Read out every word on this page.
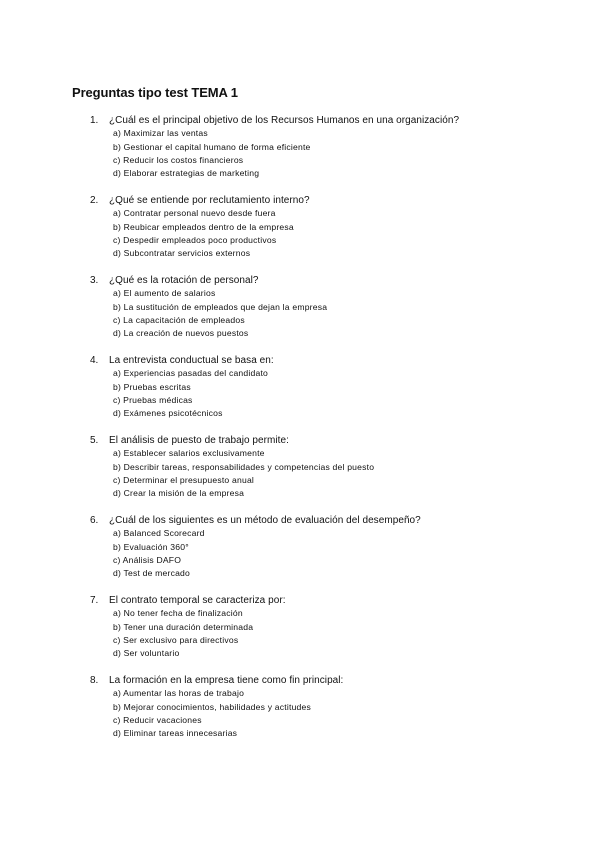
Preguntas tipo test TEMA 1
1. ¿Cuál es el principal objetivo de los Recursos Humanos en una organización?
a) Maximizar las ventas
b) Gestionar el capital humano de forma eficiente
c) Reducir los costos financieros
d) Elaborar estrategias de marketing
2. ¿Qué se entiende por reclutamiento interno?
a) Contratar personal nuevo desde fuera
b) Reubicar empleados dentro de la empresa
c) Despedir empleados poco productivos
d) Subcontratar servicios externos
3. ¿Qué es la rotación de personal?
a) El aumento de salarios
b) La sustitución de empleados que dejan la empresa
c) La capacitación de empleados
d) La creación de nuevos puestos
4. La entrevista conductual se basa en:
a) Experiencias pasadas del candidato
b) Pruebas escritas
c) Pruebas médicas
d) Exámenes psicotécnicos
5. El análisis de puesto de trabajo permite:
a) Establecer salarios exclusivamente
b) Describir tareas, responsabilidades y competencias del puesto
c) Determinar el presupuesto anual
d) Crear la misión de la empresa
6. ¿Cuál de los siguientes es un método de evaluación del desempeño?
a) Balanced Scorecard
b) Evaluación 360°
c) Análisis DAFO
d) Test de mercado
7. El contrato temporal se caracteriza por:
a) No tener fecha de finalización
b) Tener una duración determinada
c) Ser exclusivo para directivos
d) Ser voluntario
8. La formación en la empresa tiene como fin principal:
a) Aumentar las horas de trabajo
b) Mejorar conocimientos, habilidades y actitudes
c) Reducir vacaciones
d) Eliminar tareas innecesarias
